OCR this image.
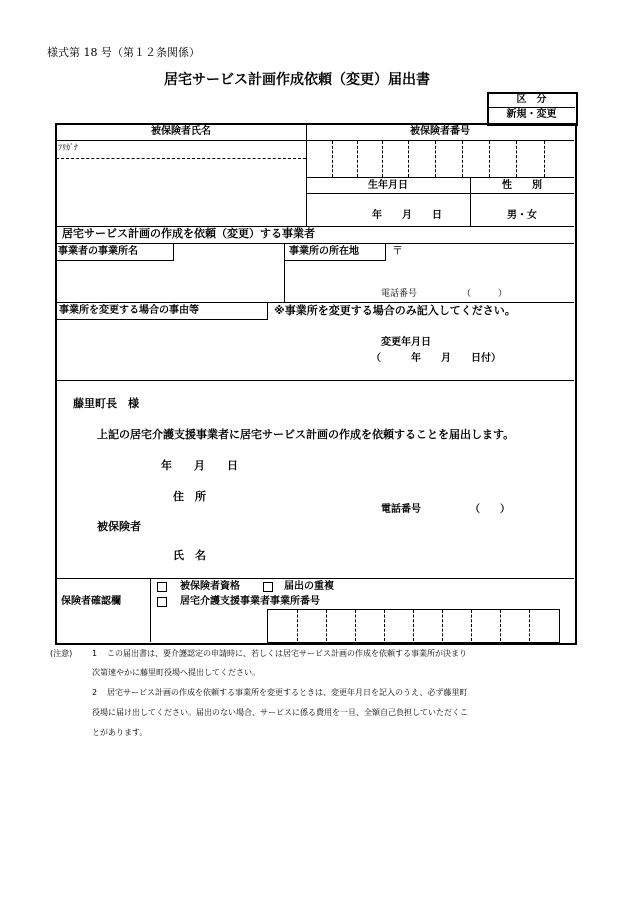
様式第 18 号（第１２条関係）
居宅サービス計画作成依頼（変更）届出書
区　分
新規・変更
被保険者氏名	被保険者番号
ﾌﾘｶﾞﾅ
生年月日	性　　別
年　　月　　日	男・女
居宅サービス計画の作成を依頼（変更）する事業者
事業者の事業所名	事業所の所在地	〒
電話番号	（　　　）
事業所を変更する場合の事由等	※事業所を変更する場合のみ記入してください。
変更年月日
（　　　年　　月　　日付）
藤里町長　様
上記の居宅介護支援事業者に居宅サービス計画の作成を依頼することを届出します。
年　　月　　日
住　所
電話番号	（　　）
被保険者
氏　名
保険者確認欄
被保険者資格	届出の重複
居宅介護支援事業者事業所番号
(注意) 1 この届出書は、要介護認定の申請時に、若しくは居宅サービス計画の作成を依頼する事業所が決まり
次第速やかに藤里町役場へ提出してください。
2 居宅サービス計画の作成を依頼する事業所を変更するときは、変更年月日を記入のうえ、必ず藤里町
役場に届け出してください。届出のない場合、サービスに係る費用を一旦、全額自己負担していただくこ
とがあります。
